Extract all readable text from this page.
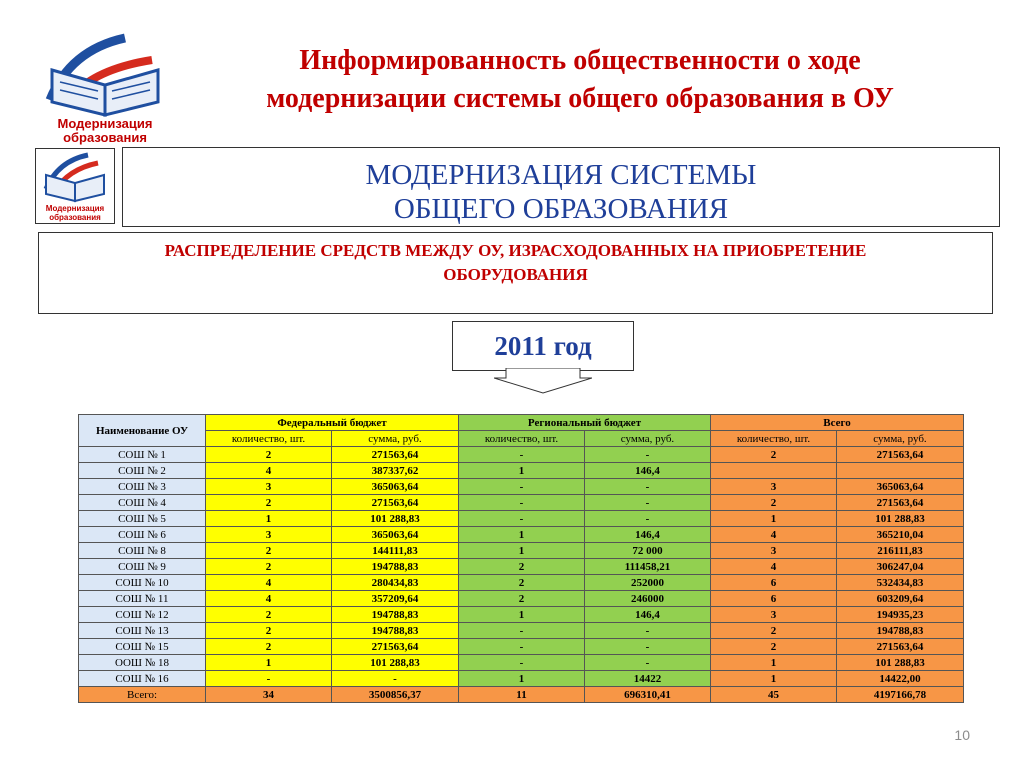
Модернизация
образования
Информированность общественности о ходе
модернизации системы общего образования в ОУ
Модернизация
образования
МОДЕРНИЗАЦИЯ СИСТЕМЫ
ОБЩЕГО ОБРАЗОВАНИЯ
РАСПРЕДЕЛЕНИЕ СРЕДСТВ МЕЖДУ ОУ, ИЗРАСХОДОВАННЫХ НА ПРИОБРЕТЕНИЕ
ОБОРУДОВАНИЯ
2011 год
Наименование ОУ	Федеральный бюджет		Региональный бюджет		Всего	
	количество, шт.	сумма, руб.	количество, шт.	сумма, руб.	количество, шт.	сумма, руб.
СОШ № 1	2	271563,64	-	-	2	271563,64
СОШ № 2	4	387337,62	1	146,4		
СОШ № 3	3	365063,64	-	-	3	365063,64
СОШ № 4	2	271563,64	-	-	2	271563,64
СОШ № 5	1	101 288,83	-	-	1	101 288,83
СОШ № 6	3	365063,64	1	146,4	4	365210,04
СОШ № 8	2	144111,83	1	72 000	3	216111,83
СОШ № 9	2	194788,83	2	111458,21	4	306247,04
СОШ № 10	4	280434,83	2	252000	6	532434,83
СОШ № 11	4	357209,64	2	246000	6	603209,64
СОШ № 12	2	194788,83	1	146,4	3	194935,23
СОШ № 13	2	194788,83	-	-	2	194788,83
СОШ № 15	2	271563,64	-	-	2	271563,64
ООШ № 18	1	101 288,83	-	-	1	101 288,83
СОШ № 16	-	-	1	14422	1	14422,00
Всего:	34	3500856,37	11	696310,41	45	4197166,78
10
